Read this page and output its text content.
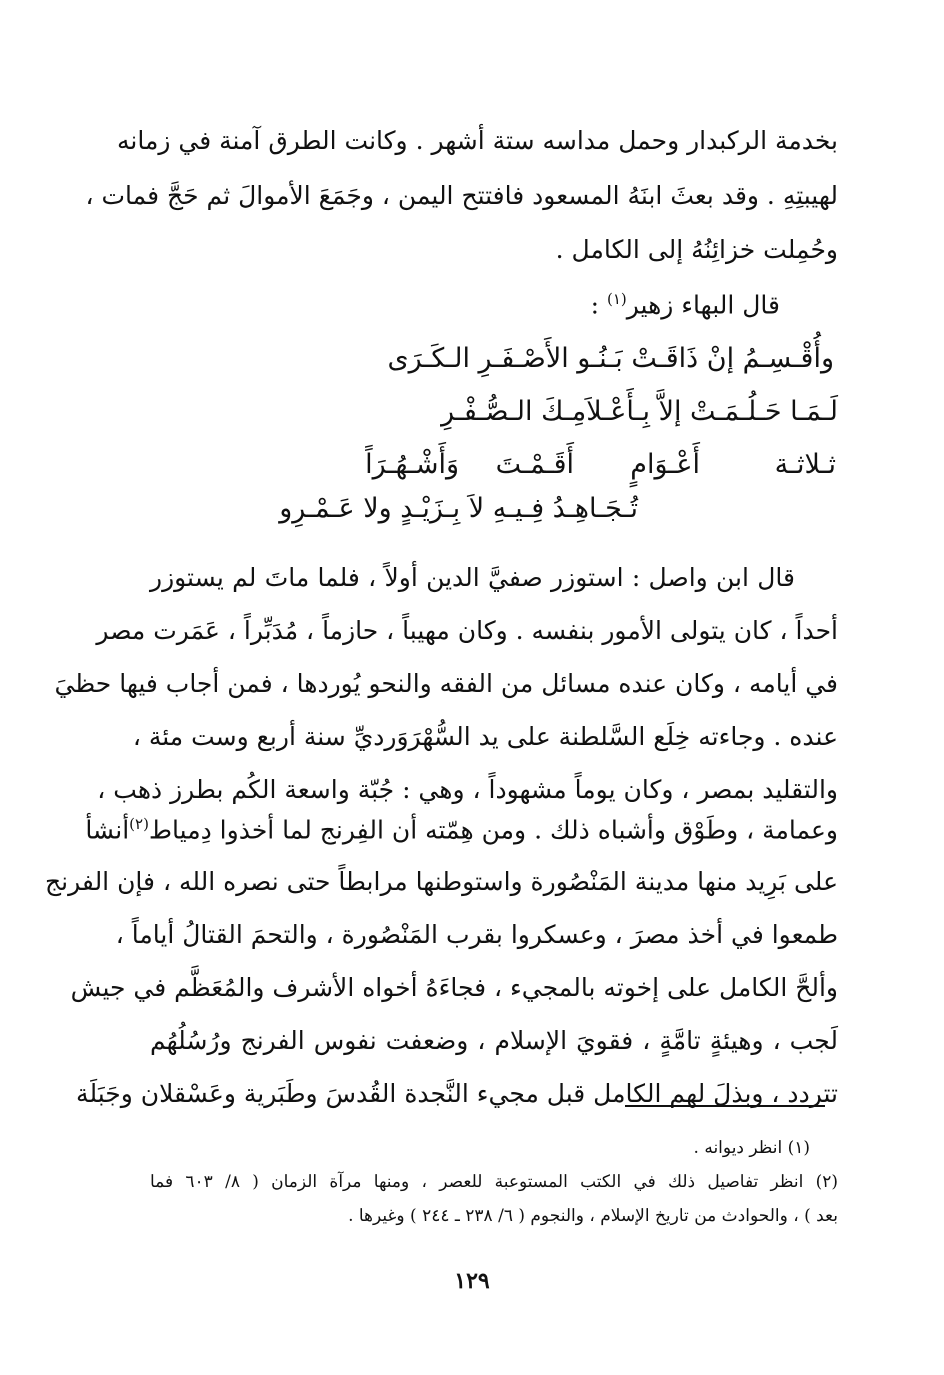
بخدمة الركبدار وحمل مداسه ستة أشهر . وكانت الطرق آمنة في زمانه
لهيبتِهِ . وقد بعثَ ابنَهُ المسعود فافتتح اليمن ، وجَمَعَ الأموالَ ثم حَجَّ فمات ،
وحُمِلت خزائِنُهُ إلى الكامل .
قال البهاء زهير$^{(١)}$ :
وأُقْـسِـمُ إنْ ذَاقَـتْ بَـنُـو الأَصْـفَـرِ الـكَـرَى
لَـمَـا حَـلُـمَـتْ إلاَّ بِـأَعْـلاَمِـكَ الـصُّـفْـرِ
ثـلاثـة
أَعْـوَامٍ
أَقَـمْـتَ
وَأَشْـهُـرَاً
تُـجَـاهِـدُ فِـيـهِ لاَ بِـزَيْـدٍ ولا عَـمْـرِو
قال ابن واصل : استوزر صفيَّ الدين أولاً ، فلما ماتَ لم يستوزر
أحداً ، كان يتولى الأمور بنفسه . وكان مهيباً ، حازماً ، مُدَبِّراً ، عَمَرت مصر
في أيامه ، وكان عنده مسائل من الفقه والنحو يُوردها ، فمن أجاب فيها حظيَ
عنده . وجاءته خِلَع السَّلطنة على يد السُّهْرَوَرديِّ سنة أربع وست مئة ،
والتقليد بمصر ، وكان يوماً مشهوداً ، وهي : جُبّة واسعة الكُم بطرز ذهب ،
وعمامة ، وطَوْق وأشباه ذلك . ومن هِمّته أن الفِرنج لما أخذوا دِمياط$^{(٢)}$أنشأ
على بَرِيد منها مدينة المَنْصُورة واستوطنها مرابطاً حتى نصره الله ، فإن الفرنج
طمعوا في أخذ مصرَ ، وعسكروا بقرب المَنْصُورة ، والتحمَ القتالُ أياماً ،
وألحَّ الكامل على إخوته بالمجيء ، فجاءَهُ أخواه الأشرف والمُعَظَّم في جيش
لَجب ، وهيئةٍ تامَّةٍ ، فقويَ الإسلام ، وضعفت نفوس الفرنج ورُسُلُهُم
تتردد ، وبذلَ لهم الكامل قبل مجيء النَّجدة القُدسَ وطَبَرية وعَسْقلان وجَبَلَة
(١) انظر ديوانه .
(٢) انظر تفاصيل ذلك في الكتب المستوعبة للعصر ، ومنها مرآة الزمان ( ٨/ ٦٠٣ فما
بعد ) ، والحوادث من تاريخ الإسلام ، والنجوم ( ٦/ ٢٣٨ ـ ٢٤٤ ) وغيرها .
١٢٩
